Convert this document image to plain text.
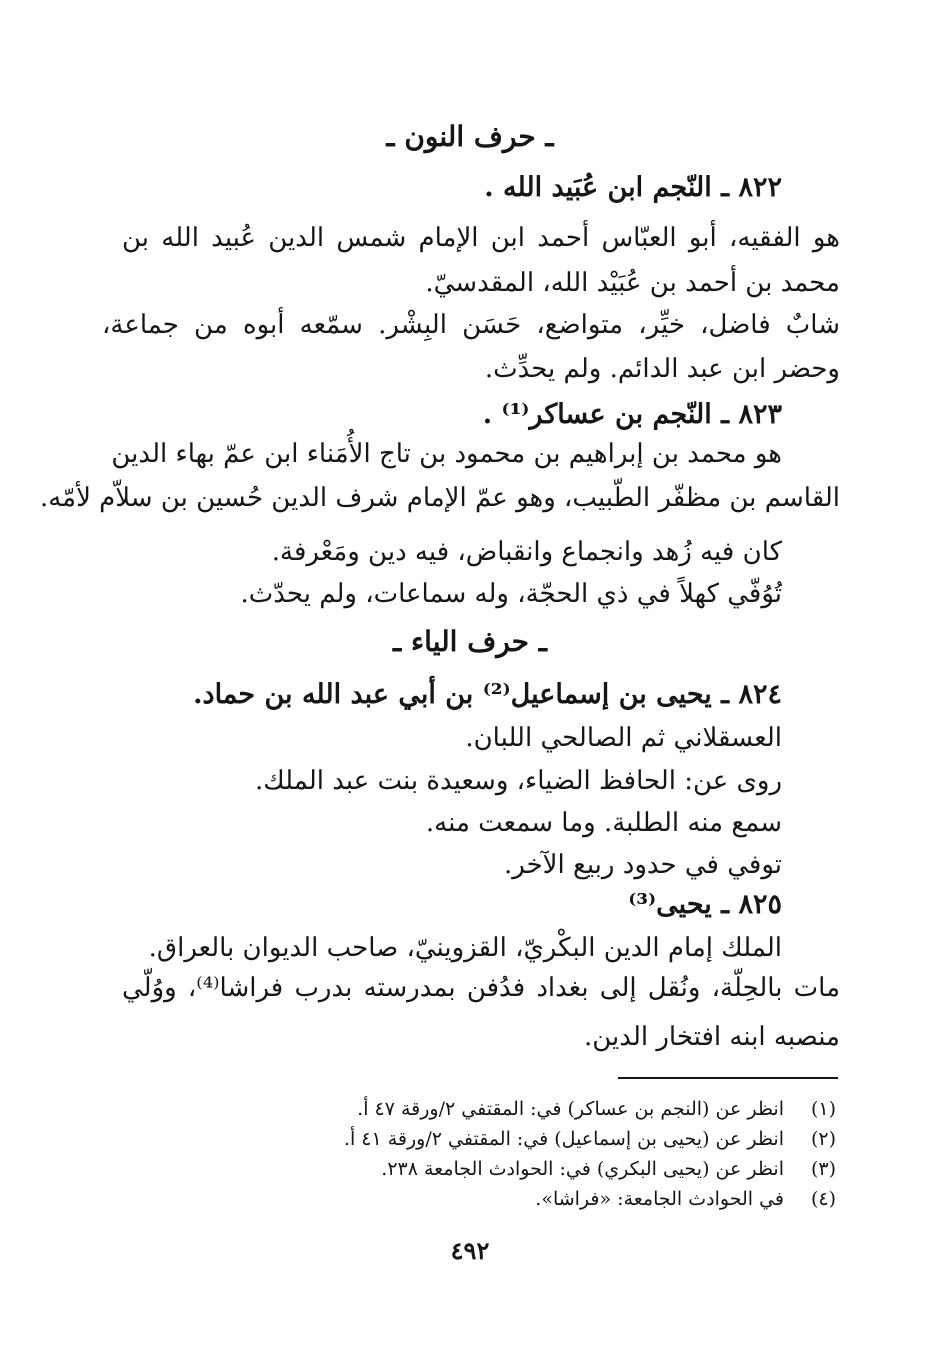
ـ حرف النون ـ
٨٢٢ ـ النّجم ابن عُبَيد الله .
هو الفقيه، أبو العبّاس أحمد ابن الإمام شمس الدين عُبيد الله بن
محمد بن أحمد بن عُبَيْد الله، المقدسيّ.
شابٌ فاضل، خيِّر، متواضع، حَسَن البِشْر. سمّعه أبوه من جماعة،
وحضر ابن عبد الدائم. ولم يحدِّث.
٨٢٣ ـ النّجم بن عساكر⁽¹⁾ .
هو محمد بن إبراهيم بن محمود بن تاج الأُمَناء ابن عمّ بهاء الدين
القاسم بن مظفّر الطّبيب، وهو عمّ الإمام شرف الدين حُسين بن سلاّم لأمّه.
كان فيه زُهد وانجماع وانقباض، فيه دين ومَعْرفة.
تُوُفّي كهلاً في ذي الحجّة، وله سماعات، ولم يحدّث.
ـ حرف الياء ـ
٨٢٤ ـ يحيى بن إسماعيل⁽²⁾ بن أبي عبد الله بن حماد.
العسقلاني ثم الصالحي اللبان.
روى عن: الحافظ الضياء، وسعيدة بنت عبد الملك.
سمع منه الطلبة. وما سمعت منه.
توفي في حدود ربيع الآخر.
٨٢٥ ـ يحيى⁽³⁾
الملك إمام الدين البكْريّ، القزوينيّ، صاحب الديوان بالعراق.
مات بالحِلّة، ونُقل إلى بغداد فدُفن بمدرسته بدرب فراشا⁽⁴⁾، ووُلّي
منصبه ابنه افتخار الدين.
(١)انظر عن (النجم بن عساكر) في: المقتفي ٢/ورقة ٤٧ أ.
(٢)انظر عن (يحيى بن إسماعيل) في: المقتفي ٢/ورقة ٤١ أ.
(٣)انظر عن (يحيى البكري) في: الحوادث الجامعة ٢٣٨.
(٤)في الحوادث الجامعة: «فراشا».
٤٩٢
